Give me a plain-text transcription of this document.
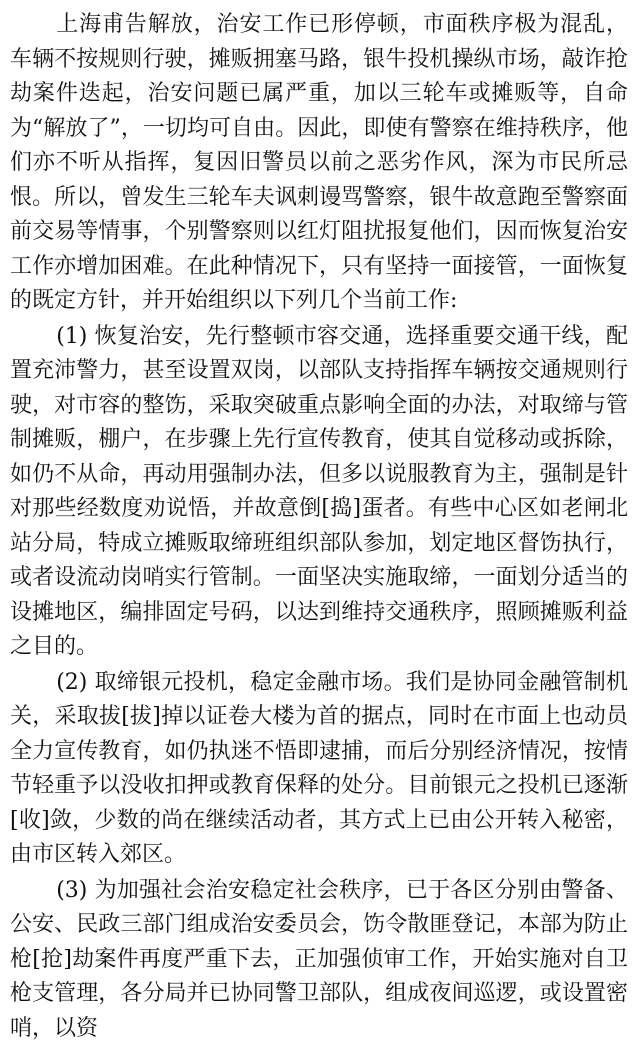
上海甫告解放，治安工作已形停顿，市面秩序极为混乱，车辆不按规则行驶，摊贩拥塞马路，银牛投机操纵市场，敲诈抢劫案件迭起，治安问题已属严重，加以三轮车或摊贩等，自命为“解放了”，一切均可自由。因此，即使有警察在维持秩序，他们亦不听从指挥，复因旧警员以前之恶劣作风，深为市民所忌恨。所以，曾发生三轮车夫讽刺谩骂警察，银牛故意跑至警察面前交易等情事，个别警察则以红灯阻扰报复他们，因而恢复治安工作亦增加困难。在此种情况下，只有坚持一面接管，一面恢复的既定方针，并开始组织以下列几个当前工作:

(1) 恢复治安，先行整顿市容交通，选择重要交通干线，配置充沛警力，甚至设置双岗，以部队支持指挥车辆按交通规则行驶，对市容的整饬，采取突破重点影响全面的办法，对取缔与管制摊贩，棚户，在步骤上先行宣传教育，使其自觉移动或拆除，如仍不从命，再动用强制办法，但多以说服教育为主，强制是针对那些经数度劝说悟，并故意倒[捣]蛋者。有些中心区如老闸北站分局，特成立摊贩取缔班组织部队参加，划定地区督饬执行，或者设流动岗哨实行管制。一面坚决实施取缔，一面划分适当的设摊地区，编排固定号码，以达到维持交通秩序，照顾摊贩利益之目的。

(2) 取缔银元投机，稳定金融市场。我们是协同金融管制机关，采取拔[拔]掉以证卷大楼为首的据点，同时在市面上也动员全力宣传教育，如仍执迷不悟即逮捕，而后分别经济情况，按情节轻重予以没收扣押或教育保释的处分。目前银元之投机已逐渐[收]敛，少数的尚在继续活动者，其方式上已由公开转入秘密，由市区转入郊区。

(3) 为加强社会治安稳定社会秩序，已于各区分别由警备、公安、民政三部门组成治安委员会，饬令散匪登记，本部为防止枪[抢]劫案件再度严重下去，正加强侦审工作，开始实施对自卫枪支管理，各分局并已协同警卫部队，组成夜间巡逻，或设置密哨，以资
